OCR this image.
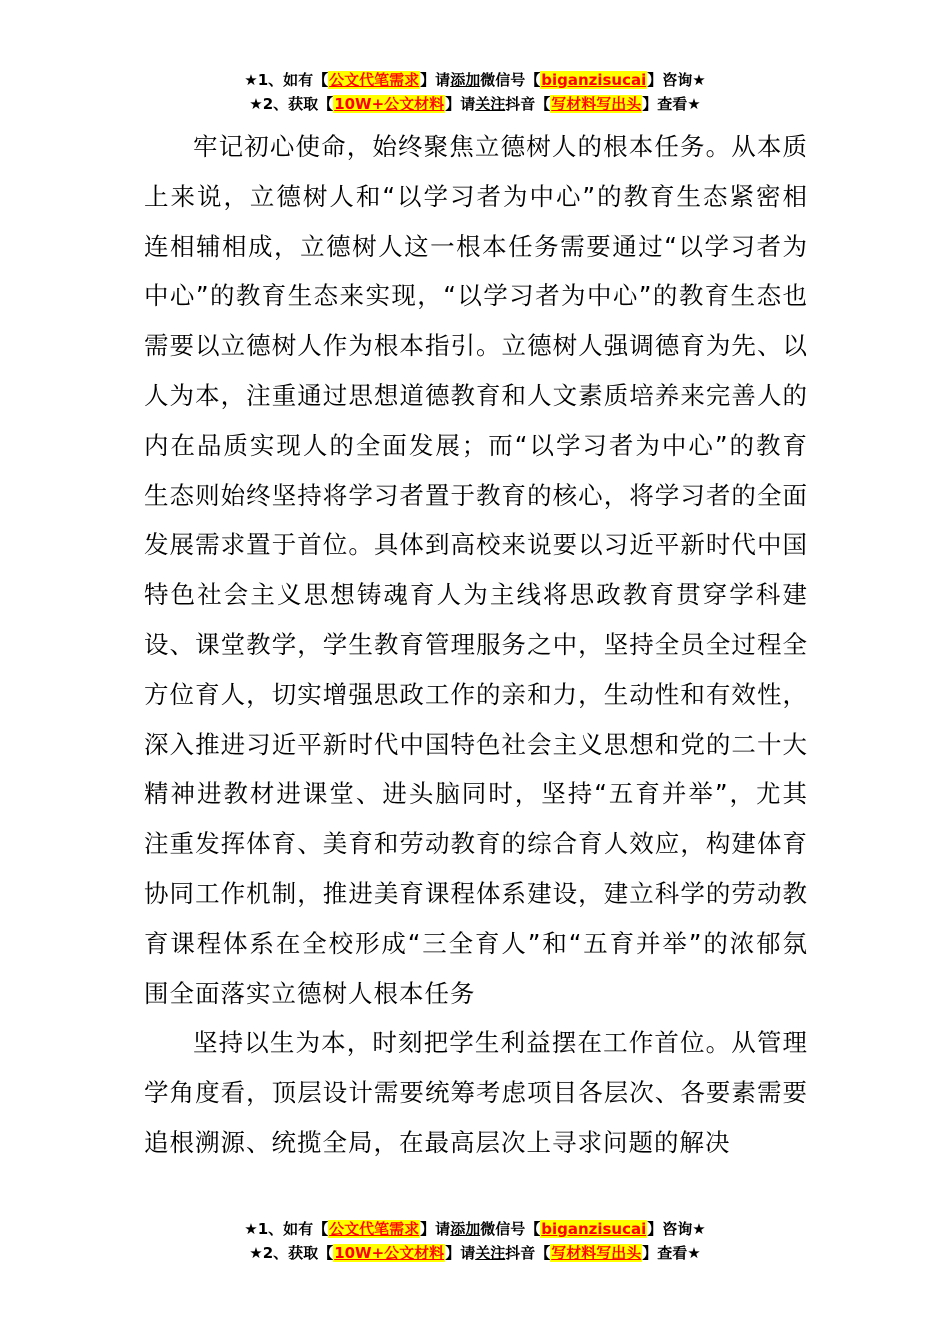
★1、如有【公文代笔需求】请添加微信号【biganzisucai】咨询★
★2、获取【10W+公文材料】请关注抖音【写材料写出头】查看★

牢记初心使命，始终聚焦立德树人的根本任务。从本质上来说，立德树人和“以学习者为中心”的教育生态紧密相连相辅相成，立德树人这一根本任务需要通过“以学习者为中心”的教育生态来实现，“以学习者为中心”的教育生态也需要以立德树人作为根本指引。立德树人强调德育为先、以人为本，注重通过思想道德教育和人文素质培养来完善人的内在品质实现人的全面发展；而“以学习者为中心”的教育生态则始终坚持将学习者置于教育的核心，将学习者的全面发展需求置于首位。具体到高校来说要以习近平新时代中国特色社会主义思想铸魂育人为主线将思政教育贯穿学科建设、课堂教学，学生教育管理服务之中，坚持全员全过程全方位育人，切实增强思政工作的亲和力，生动性和有效性，深入推进习近平新时代中国特色社会主义思想和党的二十大精神进教材进课堂、进头脑同时，坚持“五育并举”，尤其注重发挥体育、美育和劳动教育的综合育人效应，构建体育协同工作机制，推进美育课程体系建设，建立科学的劳动教育课程体系在全校形成“三全育人”和“五育并举”的浓郁氛围全面落实立德树人根本任务

坚持以生为本，时刻把学生利益摆在工作首位。从管理学角度看，顶层设计需要统筹考虑项目各层次、各要素需要追根溯源、统揽全局，在最高层次上寻求问题的解决

★1、如有【公文代笔需求】请添加微信号【biganzisucai】咨询★
★2、获取【10W+公文材料】请关注抖音【写材料写出头】查看★
